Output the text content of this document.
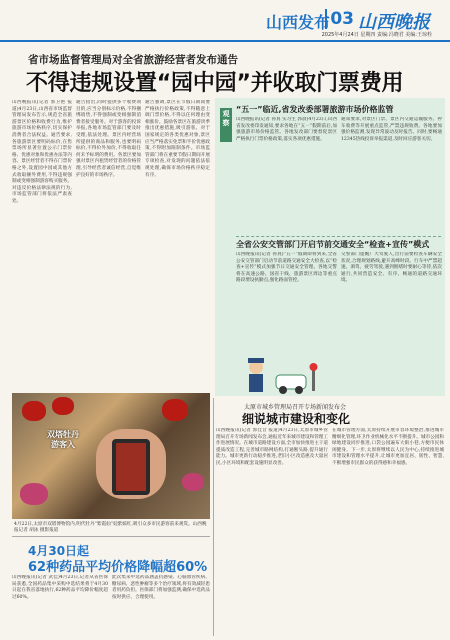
山西发布 03 山西晚报
2025年4月24日 星期四 责编:冯晓君 美编:王琼栓
省市场监督管理局对全省旅游经营者发布通告
不得违规设置“园中园”并收取门票费用
山西晚报讯(记者 郭卫艳 报道)4月23日,山西省市场监督管理局发布告示,规范全省旅游景区价格和收费行为,维护旅游市场价格秩序,切实保护消费者合法权益。通告要求,各旅游景区要明码标价,在售票场所显著位置公示门票价格、优惠对象和优惠办法等内容。景区经营者不得在门票价格之外,设置园中园或其他方式收取额外费用,不得违规强制或变相强制游客购买服务。对违反价格法律法规的行为,市场监管部门将依法严肃查处。
通告指出,同时提供多个收费项目的,应当分别标示价格,不得捆绑销售,不得强制或变相强制消费者接受服务。对于游客的投诉举报,各地市场监管部门要及时受理,依法处理。景区内经营场所提供的商品和服务,也要明码标价,不得价外加价,不得收取任何未予标明的费用。各景区要加强对景区内租赁经营者的价格管理,引导经营者诚信经营,自觉维护良好的市场秩序。
通告强调,景区在节假日期间要严格执行价格政策,不得随意上调门票价格,不得以任何理由变相涨价。鼓励各景区在旅游淡季推出优惠措施,吸引游客。对于国家规定的各类优惠对象,景区应当严格落实免票和半价优惠政策,不得附加限制条件。市场监管部门将在重要节假日期间开展专项检查,对发现的问题依法依规处理,确保市场价格秩序稳定有序。
双塔牡丹 游客入
4月22日,太原市双塔博物馆内,明代牡丹“紫霞仙”姹紫嫣红,吸引众多市民游客前来观赏。山西晚报记者 胡泳 摄影报道
观察
“五一”临近,省发改委部署旅游市场价格监管
山西晚报讯(记者 孙真 实习生 郭晨)4月23日,山西省发改委印发通知,要求各地在“五一”假期前后,加强旅游市场价格监管。各地发改部门要督促景区严格执行门票价格政策,落实各项优惠措施。
通知要求,对景区门票、景区内交通运输服务、停车收费等开展重点监管,严禁违规收费。各地要加强价格监测,发现异常波动及时报告。同时,要畅通12345热线投诉举报渠道,及时回应游客关切。
全省公安交管部门开启节前交通安全“检查+宣传”模式
山西晚报讯(记者 孙真)“五一”假期即将到来,全省公安交管部门启动节前道路交通安全大检查,以“检查+宣传”模式加强节日交通安全管理。各地交警将在高速公路、国省干线、旅游景区周边等重点路段增设执勤点,强化路面管控。
交警部门提醒广大驾驶人,出行前要检查车辆安全状况,合理规划路线,避开高峰时段。行车中严禁超速、酒驾、疲劳驾驶,遇到拥堵时要耐心等待,依次通行,共同营造安全、有序、畅通的道路交通环境。
太原市城乡管理局召开专场新闻发布会
细说城市建设和变化
山西晚报讯(记者 郭佳音 报道)4月23日,太原市城乡管理局召开专场新闻发布会,通报近年来城市建设和管理工作进展情况。在城市道路建设方面,全市加快推进主干道提质改造工程,完善城市路网结构,打通断头路,提升通行能力。城市更新行动稳步推进,老旧小区改造惠及大量居民,小区环境和配套设施明显改善。
在城市管理方面,太原持续开展市容环境整治,推进城市精细化管理,环卫作业机械化水平不断提升。城市公园和绿地建设同步推进,口袋公园遍布大街小巷,方便市民休闲健身。下一步,太原将继续以人民为中心,持续推进城市建设和管理水平提升,让城市更加宜居、韧性、智慧,不断增强市民群众的获得感和幸福感。
4月30日起
62种药品平均价格降幅超60%
山西晚报讯(记者 武佳)4月23日,记者从省医保局获悉,全国药品集中采购中选结果将于4月30日起在我省落地执行,62种药品平均降价幅度超过60%。
此次集采中选药品涵盖抗感染、心脑血管疾病、糖尿病、恶性肿瘤等多个治疗领域,将有效减轻患者用药负担。医保部门将加强监测,确保中选药品按时供应、合理使用。
